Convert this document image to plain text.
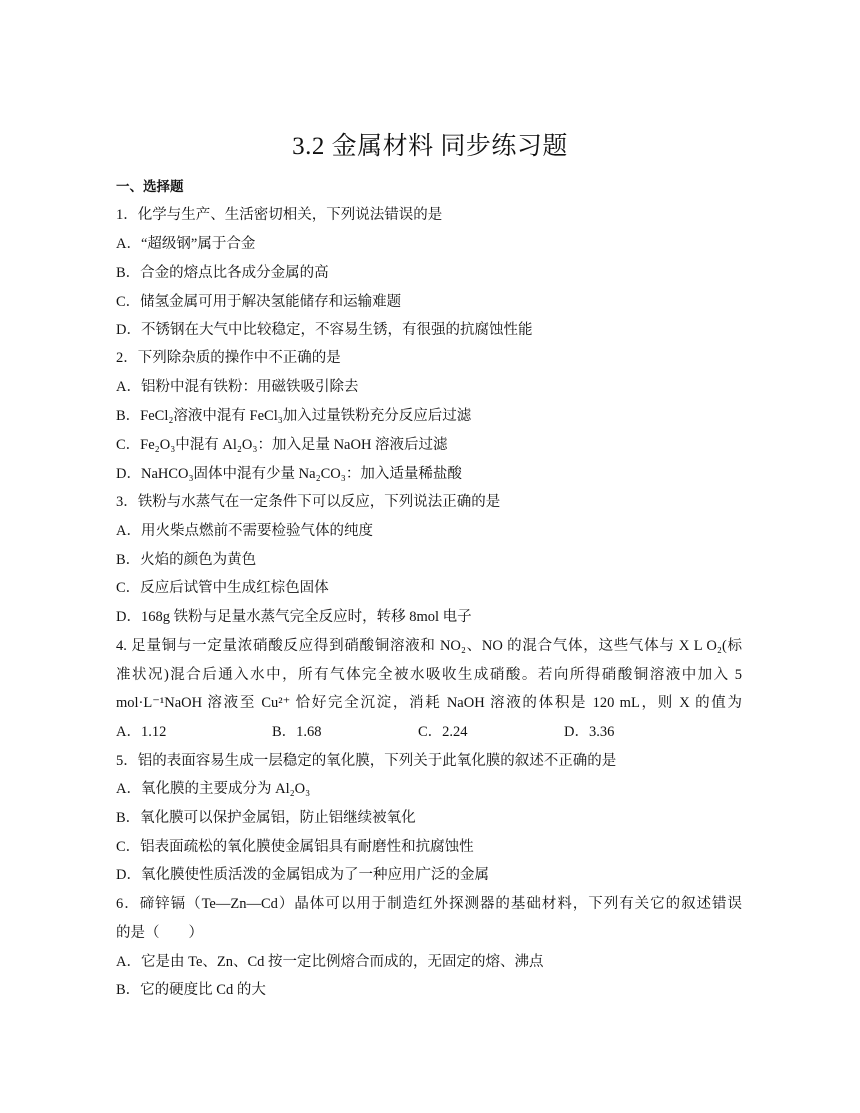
3.2 金属材料 同步练习题
一、选择题
1．化学与生产、生活密切相关，下列说法错误的是
A．“超级钢”属于合金
B．合金的熔点比各成分金属的高
C．储氢金属可用于解决氢能储存和运输难题
D．不锈钢在大气中比较稳定，不容易生锈，有很强的抗腐蚀性能
2．下列除杂质的操作中不正确的是
A．铝粉中混有铁粉：用磁铁吸引除去
B．FeCl₂溶液中混有 FeCl₃加入过量铁粉充分反应后过滤
C．Fe₂O₃中混有 Al₂O₃：加入足量 NaOH 溶液后过滤
D．NaHCO₃固体中混有少量 Na₂CO₃：加入适量稀盐酸
3．铁粉与水蒸气在一定条件下可以反应，下列说法正确的是
A．用火柴点燃前不需要检验气体的纯度
B．火焰的颜色为黄色
C．反应后试管中生成红棕色固体
D．168g 铁粉与足量水蒸气完全反应时，转移 8mol 电子
4. 足量铜与一定量浓硝酸反应得到硝酸铜溶液和 NO₂、NO 的混合气体，这些气体与 X L O₂(标
准状况)混合后通入水中，所有气体完全被水吸收生成硝酸。若向所得硝酸铜溶液中加入 5
mol·L⁻¹NaOH 溶液至 Cu²⁺ 恰好完全沉淀，消耗 NaOH 溶液的体积是 120 mL，则 X 的值为
A．1.12	B．1.68	C．2.24	D．3.36
5．铝的表面容易生成一层稳定的氧化膜，下列关于此氧化膜的叙述不正确的是
A．氧化膜的主要成分为 Al₂O₃
B．氧化膜可以保护金属铝，防止铝继续被氧化
C．铝表面疏松的氧化膜使金属铝具有耐磨性和抗腐蚀性
D．氧化膜使性质活泼的金属铝成为了一种应用广泛的金属
6．碲锌镉（Te—Zn—Cd）晶体可以用于制造红外探测器的基础材料，下列有关它的叙述错误
的是（　　）
A．它是由 Te、Zn、Cd 按一定比例熔合而成的，无固定的熔、沸点
B．它的硬度比 Cd 的大
